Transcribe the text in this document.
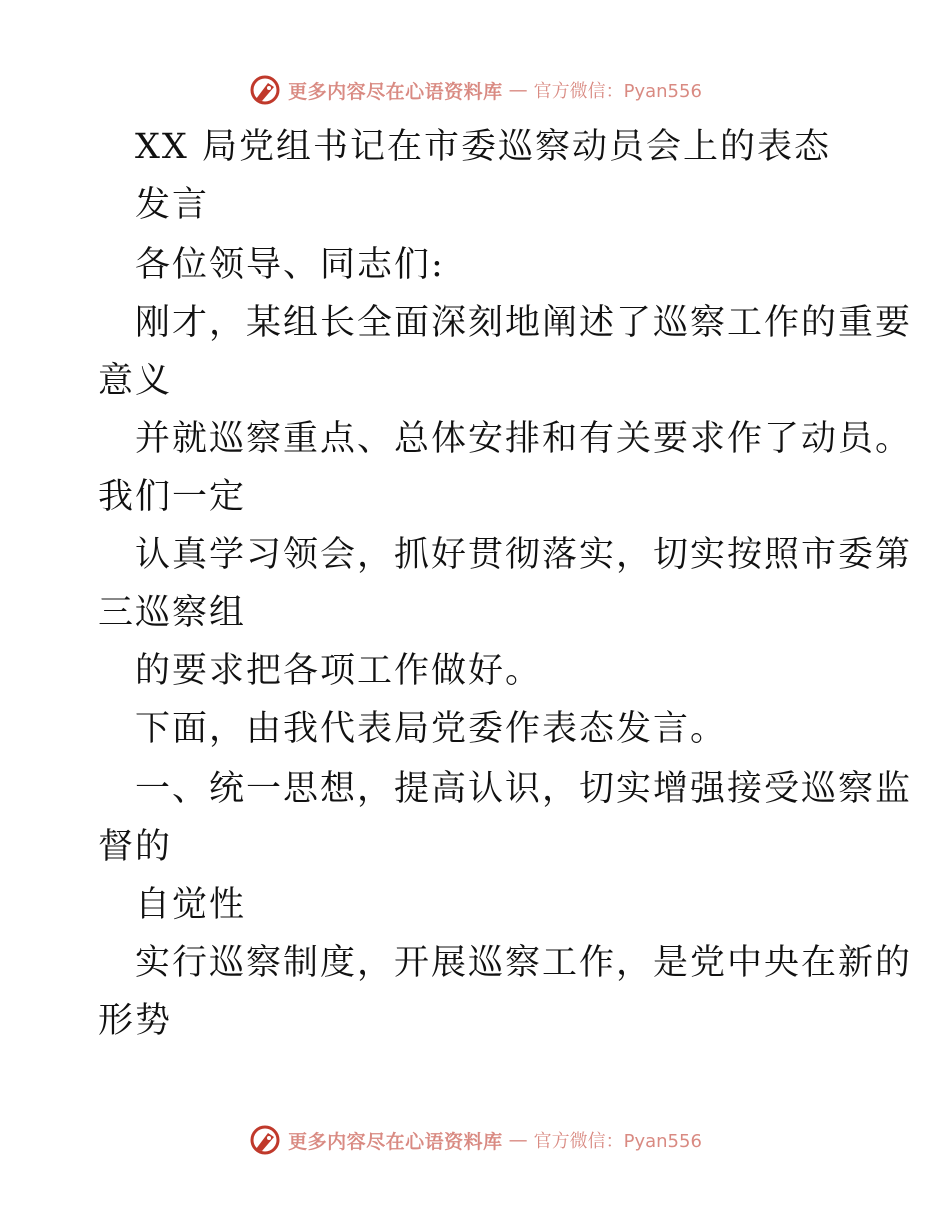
更多内容尽在心语资料库 — 官方微信：Pyan556
XX 局党组书记在市委巡察动员会上的表态
发言
各位领导、同志们:
刚才，某组长全面深刻地阐述了巡察工作的重要
意义
并就巡察重点、总体安排和有关要求作了动员。
我们一定
认真学习领会，抓好贯彻落实，切实按照市委第
三巡察组
的要求把各项工作做好。
下面，由我代表局党委作表态发言。
一、统一思想，提高认识，切实增强接受巡察监
督的
自觉性
实行巡察制度，开展巡察工作，是党中央在新的
形势
更多内容尽在心语资料库 — 官方微信：Pyan556
